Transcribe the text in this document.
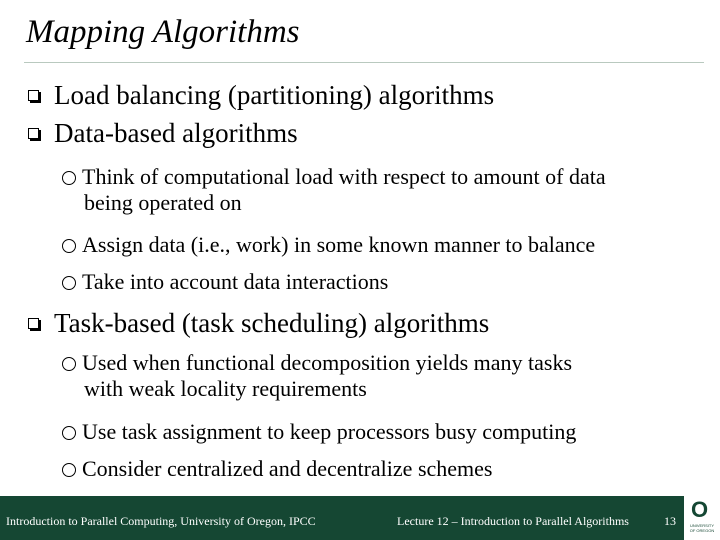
Mapping Algorithms
Load balancing (partitioning) algorithms
Data-based algorithms
Think of computational load with respect to amount of data
being operated on
Assign data (i.e., work) in some known manner to balance
Take into account data interactions
Task-based (task scheduling) algorithms
Used when functional decomposition yields many tasks
with weak locality requirements
Use task assignment to keep processors busy computing
Consider centralized and decentralize schemes
Introduction to Parallel Computing, University of Oregon, IPCC	Lecture 12 – Introduction to Parallel Algorithms	13 O
UNIVERSITY OF OREGON
